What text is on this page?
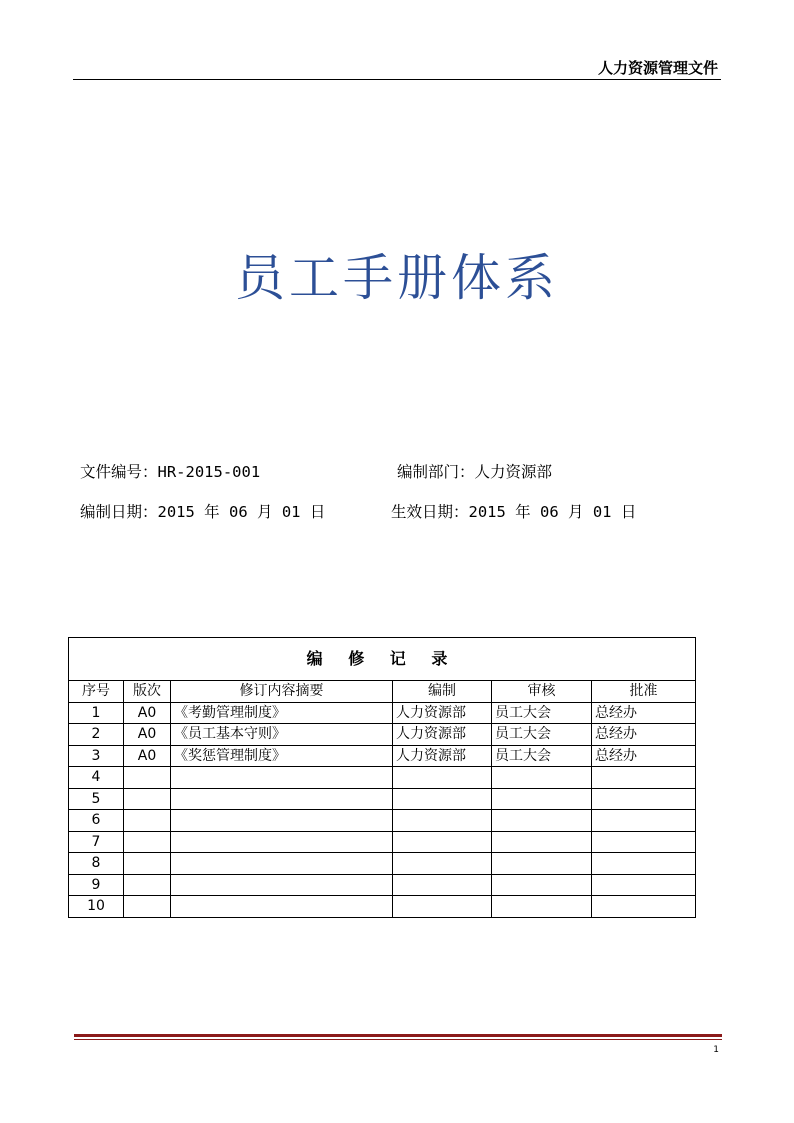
人力资源管理文件
员工手册体系
文件编号：HR-2015-001	编制部门：人力资源部
编制日期：2015 年 06 月 01 日	生效日期：2015 年 06 月 01 日
编 修 记 录					
序号	版次	修订内容摘要	编制	审核	批准
1	A0	《考勤管理制度》	人力资源部	员工大会	总经办
2	A0	《员工基本守则》	人力资源部	员工大会	总经办
3	A0	《奖惩管理制度》	人力资源部	员工大会	总经办
4					
5					
6					
7					
8					
9					
10					
1
